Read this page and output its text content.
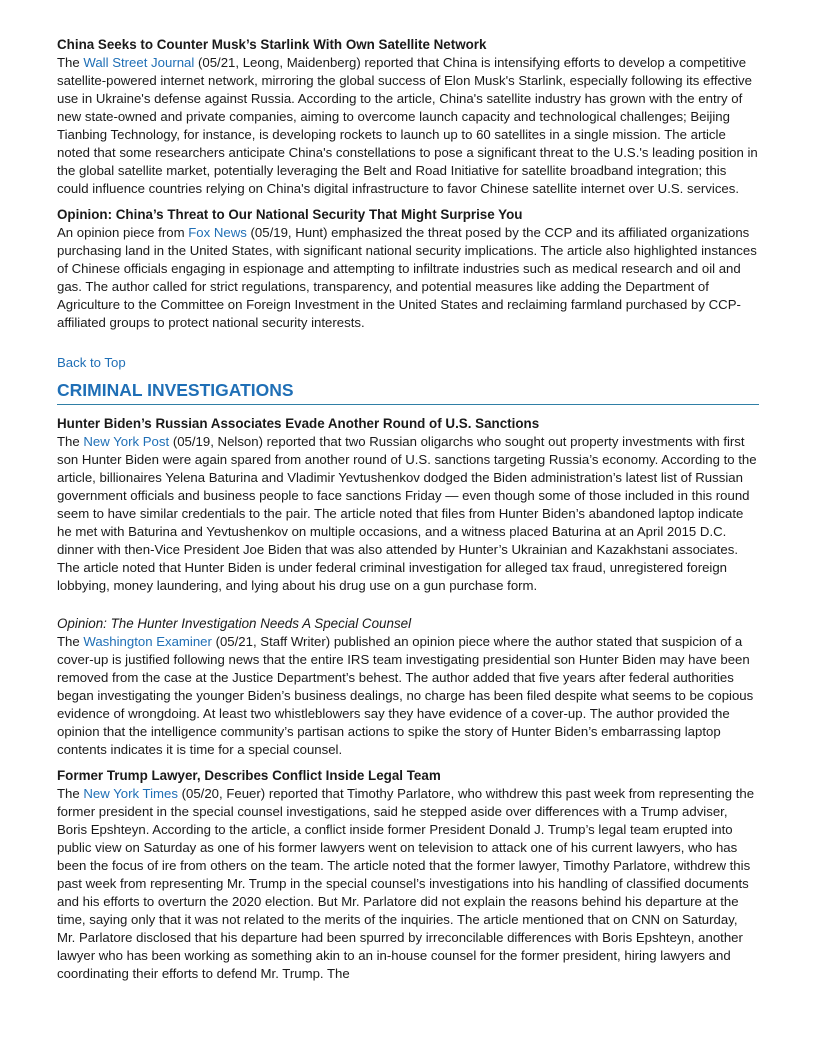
China Seeks to Counter Musk’s Starlink With Own Satellite Network

The Wall Street Journal (05/21, Leong, Maidenberg) reported that China is intensifying efforts to develop a competitive satellite-powered internet network, mirroring the global success of Elon Musk's Starlink, especially following its effective use in Ukraine's defense against Russia. According to the article, China's satellite industry has grown with the entry of new state-owned and private companies, aiming to overcome launch capacity and technological challenges; Beijing Tianbing Technology, for instance, is developing rockets to launch up to 60 satellites in a single mission. The article noted that some researchers anticipate China's constellations to pose a significant threat to the U.S.'s leading position in the global satellite market, potentially leveraging the Belt and Road Initiative for satellite broadband integration; this could influence countries relying on China's digital infrastructure to favor Chinese satellite internet over U.S. services.

Opinion: China’s Threat to Our National Security That Might Surprise You

An opinion piece from Fox News (05/19, Hunt) emphasized the threat posed by the CCP and its affiliated organizations purchasing land in the United States, with significant national security implications. The article also highlighted instances of Chinese officials engaging in espionage and attempting to infiltrate industries such as medical research and oil and gas. The author called for strict regulations, transparency, and potential measures like adding the Department of Agriculture to the Committee on Foreign Investment in the United States and reclaiming farmland purchased by CCP-affiliated groups to protect national security interests.

Back to Top
CRIMINAL INVESTIGATIONS

Hunter Biden’s Russian Associates Evade Another Round of U.S. Sanctions

The New York Post (05/19, Nelson) reported that two Russian oligarchs who sought out property investments with first son Hunter Biden were again spared from another round of U.S. sanctions targeting Russia’s economy. According to the article, billionaires Yelena Baturina and Vladimir Yevtushenkov dodged the Biden administration’s latest list of Russian government officials and business people to face sanctions Friday — even though some of those included in this round seem to have similar credentials to the pair. The article noted that files from Hunter Biden’s abandoned laptop indicate he met with Baturina and Yevtushenkov on multiple occasions, and a witness placed Baturina at an April 2015 D.C. dinner with then-Vice President Joe Biden that was also attended by Hunter’s Ukrainian and Kazakhstani associates. The article noted that Hunter Biden is under federal criminal investigation for alleged tax fraud, unregistered foreign lobbying, money laundering, and lying about his drug use on a gun purchase form.

Opinion: The Hunter Investigation Needs A Special Counsel

The Washington Examiner (05/21, Staff Writer) published an opinion piece where the author stated that suspicion of a cover-up is justified following news that the entire IRS team investigating presidential son Hunter Biden may have been removed from the case at the Justice Department’s behest. The author added that five years after federal authorities began investigating the younger Biden’s business dealings, no charge has been filed despite what seems to be copious evidence of wrongdoing. At least two whistleblowers say they have evidence of a cover-up. The author provided the opinion that the intelligence community’s partisan actions to spike the story of Hunter Biden’s embarrassing laptop contents indicates it is time for a special counsel.

Former Trump Lawyer, Describes Conflict Inside Legal Team

The New York Times (05/20, Feuer) reported that Timothy Parlatore, who withdrew this past week from representing the former president in the special counsel investigations, said he stepped aside over differences with a Trump adviser, Boris Epshteyn. According to the article, a conflict inside former President Donald J. Trump’s legal team erupted into public view on Saturday as one of his former lawyers went on television to attack one of his current lawyers, who has been the focus of ire from others on the team. The article noted that the former lawyer, Timothy Parlatore, withdrew this past week from representing Mr. Trump in the special counsel’s investigations into his handling of classified documents and his efforts to overturn the 2020 election. But Mr. Parlatore did not explain the reasons behind his departure at the time, saying only that it was not related to the merits of the inquiries. The article mentioned that on CNN on Saturday, Mr. Parlatore disclosed that his departure had been spurred by irreconcilable differences with Boris Epshteyn, another lawyer who has been working as something akin to an in-house counsel for the former president, hiring lawyers and coordinating their efforts to defend Mr. Trump. The
